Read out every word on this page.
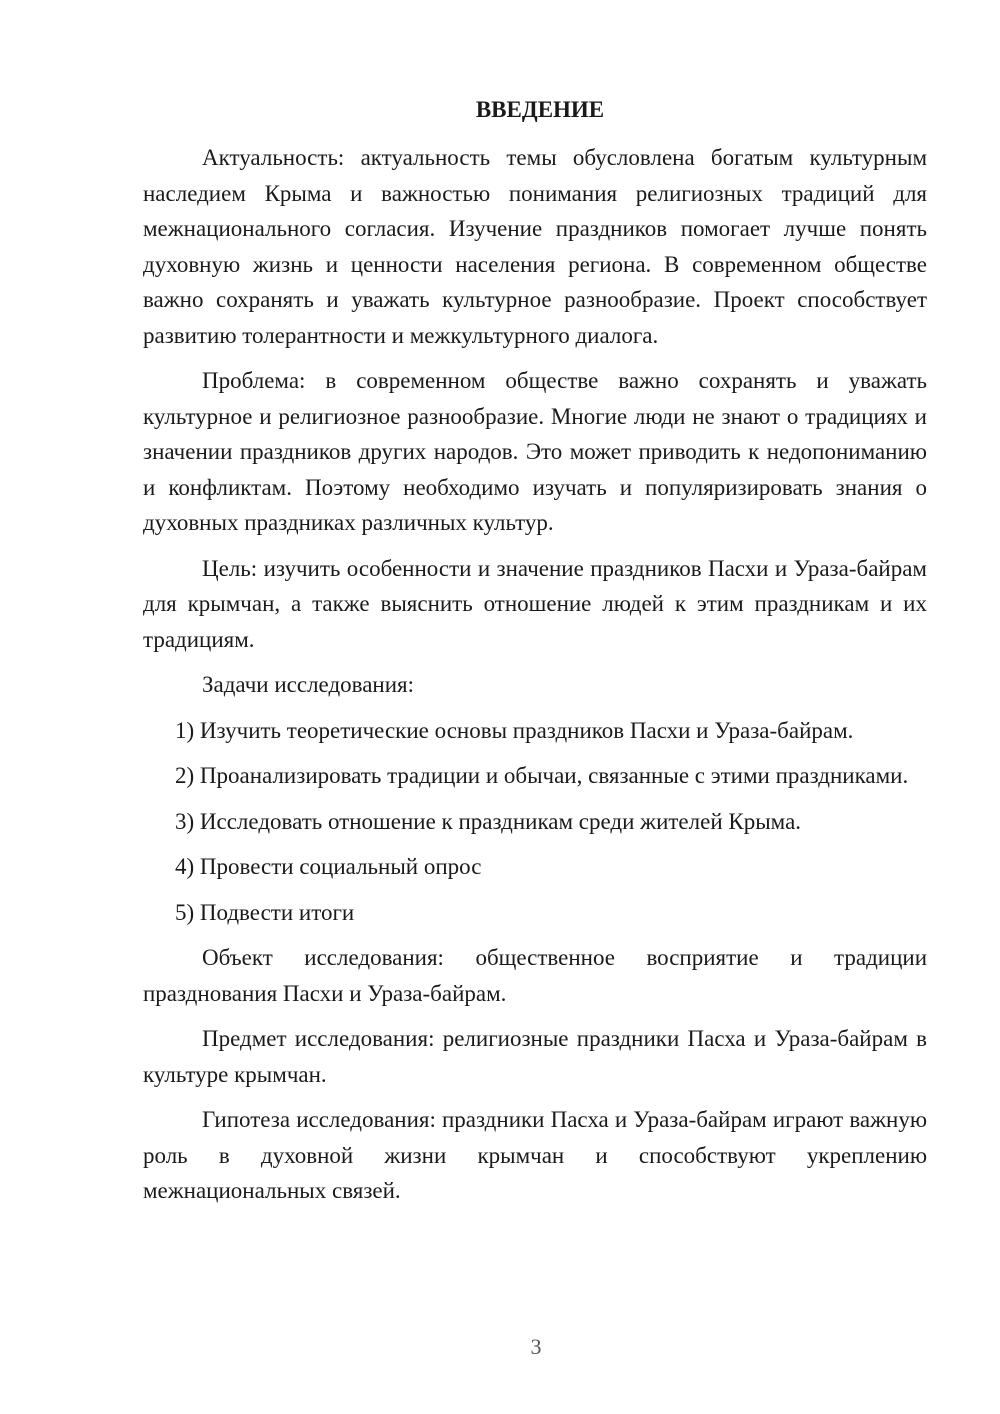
ВВЕДЕНИЕ

Актуальность: актуальность темы обусловлена богатым культурным наследием Крыма и важностью понимания религиозных традиций для межнационального согласия. Изучение праздников помогает лучше понять духовную жизнь и ценности населения региона. В современном обществе важно сохранять и уважать культурное разнообразие. Проект способствует развитию толерантности и межкультурного диалога.

Проблема: в современном обществе важно сохранять и уважать культурное и религиозное разнообразие. Многие люди не знают о традициях и значении праздников других народов. Это может приводить к недопониманию и конфликтам. Поэтому необходимо изучать и популяризировать знания о духовных праздниках различных культур.

Цель: изучить особенности и значение праздников Пасхи и Ураза-байрам для крымчан, а также выяснить отношение людей к этим праздникам и их традициям.

Задачи исследования:

1) Изучить теоретические основы праздников Пасхи и Ураза-байрам.

2) Проанализировать традиции и обычаи, связанные с этими праздниками.

3) Исследовать отношение к праздникам среди жителей Крыма.

4) Провести социальный опрос

5) Подвести итоги

Объект исследования: общественное восприятие и традиции празднования Пасхи и Ураза-байрам.

Предмет исследования: религиозные праздники Пасха и Ураза-байрам в культуре крымчан.

Гипотеза исследования: праздники Пасха и Ураза-байрам играют важную роль в духовной жизни крымчан и способствуют укреплению межнациональных связей.

3
